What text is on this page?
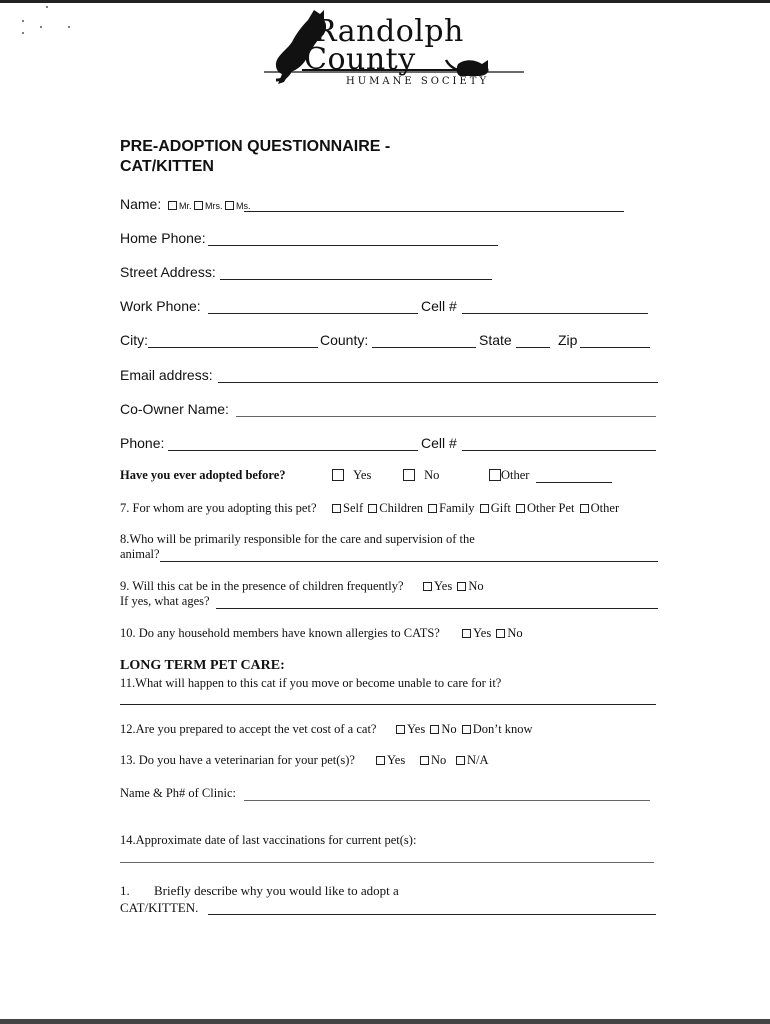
Randolph
County
HUMANE SOCIETY
PRE-ADOPTION QUESTIONNAIRE -
CAT/KITTEN
Name:	Mr. Mrs. Ms.
Home Phone:
Street Address:
Work Phone:	Cell #
City:	County:	State	Zip
Email address:
Co-Owner Name:
Phone:	Cell #
Have you ever adopted before?	Yes	No	Other
7. For whom are you adopting this pet?	Self Children Family Gift Other Pet Other
8.Who will be primarily responsible for the care and supervision of the
animal?
9. Will this cat be in the presence of children frequently?	Yes No
If yes, what ages?
10. Do any household members have known allergies to CATS?	Yes No
LONG TERM PET CARE:
11.What will happen to this cat if you move or become unable to care for it?
12.Are you prepared to accept the vet cost of a cat?	Yes No Don’t know
13. Do you have a veterinarian for your pet(s)?	Yes	No	N/A
Name & Ph# of Clinic:
14.Approximate date of last vaccinations for current pet(s):
1. Briefly describe why you would like to adopt a
CAT/KITTEN.
